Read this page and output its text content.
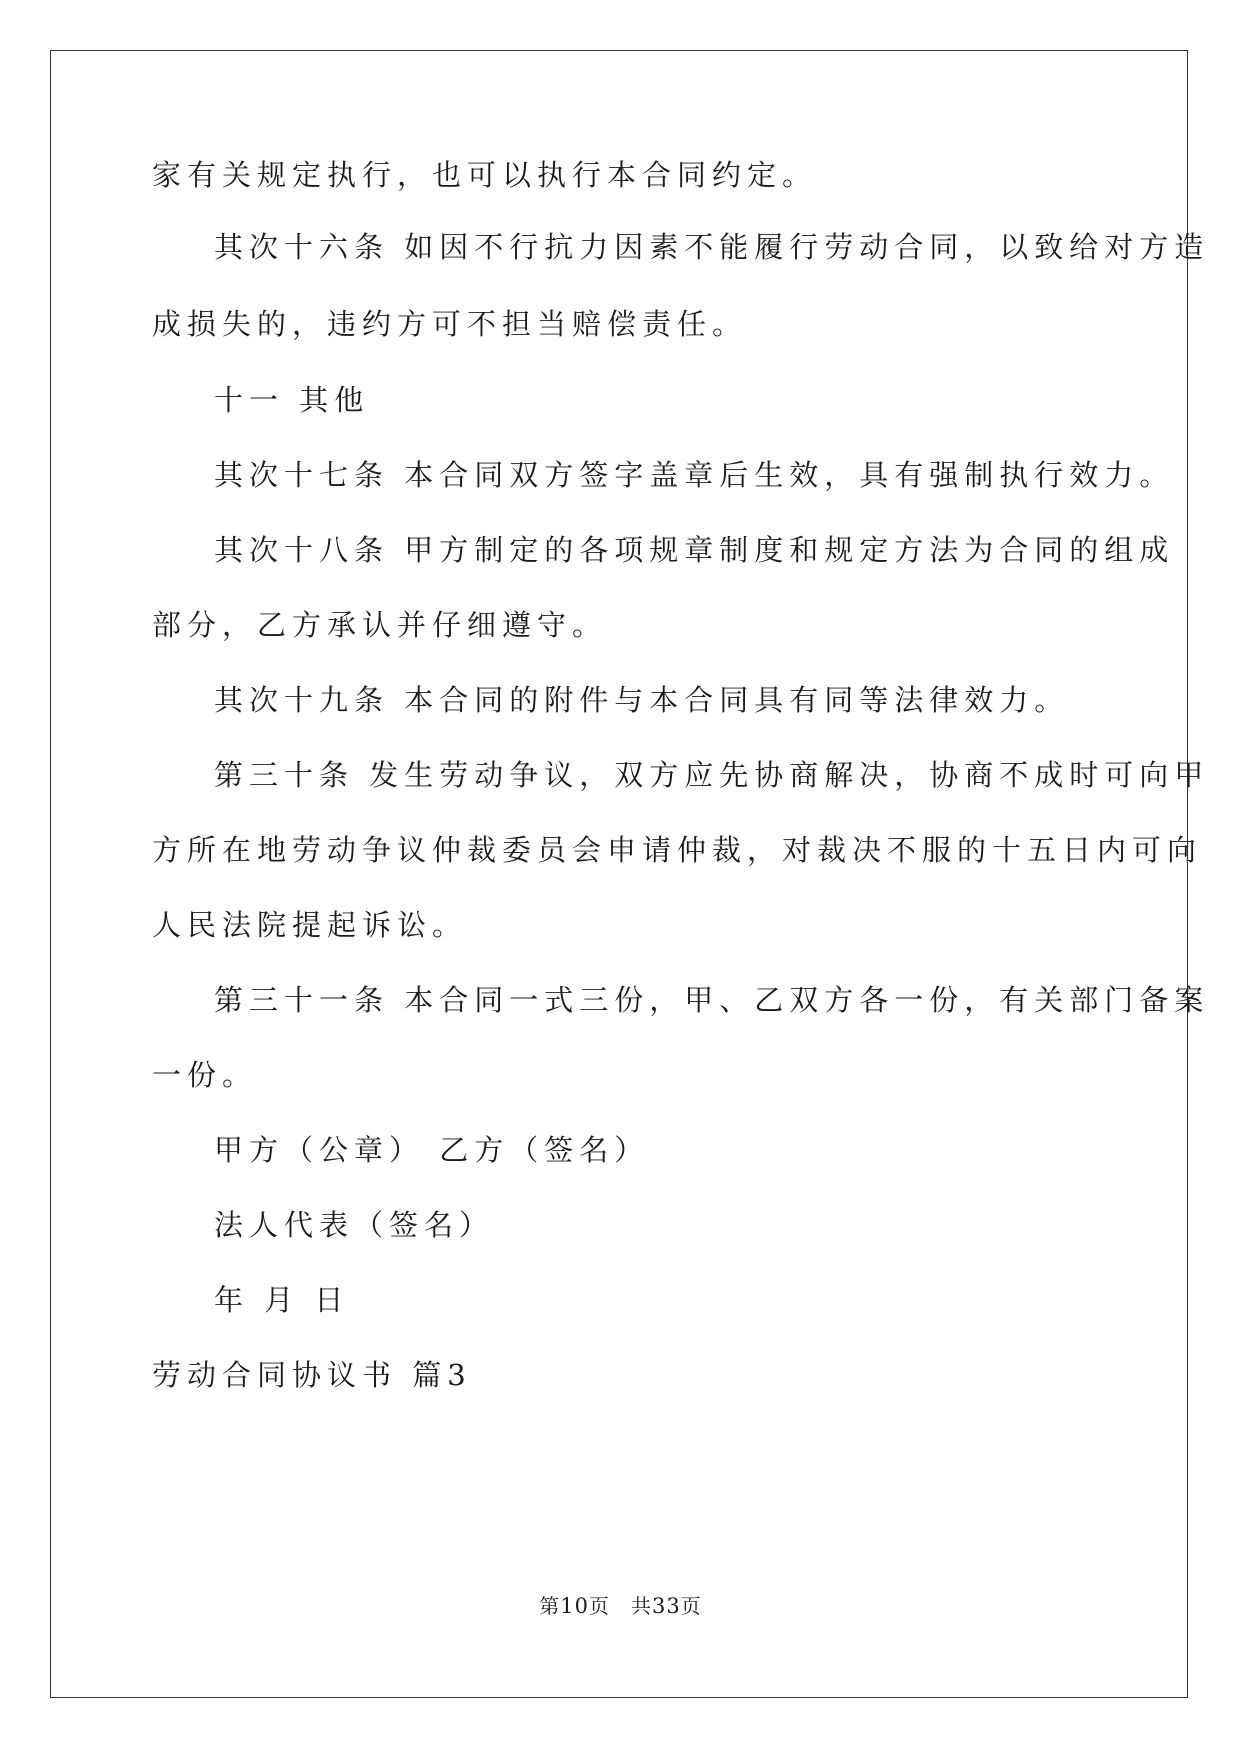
家有关规定执行，也可以执行本合同约定。
其次十六条 如因不行抗力因素不能履行劳动合同，以致给对方造
成损失的，违约方可不担当赔偿责任。
十一 其他
其次十七条 本合同双方签字盖章后生效，具有强制执行效力。
其次十八条 甲方制定的各项规章制度和规定方法为合同的组成
部分，乙方承认并仔细遵守。
其次十九条 本合同的附件与本合同具有同等法律效力。
第三十条 发生劳动争议，双方应先协商解决，协商不成时可向甲
方所在地劳动争议仲裁委员会申请仲裁，对裁决不服的十五日内可向
人民法院提起诉讼。
第三十一条 本合同一式三份，甲、乙双方各一份，有关部门备案
一份。
甲方（公章） 乙方（签名）
法人代表（签名）
年 月 日
劳动合同协议书 篇3
第10页　共33页
